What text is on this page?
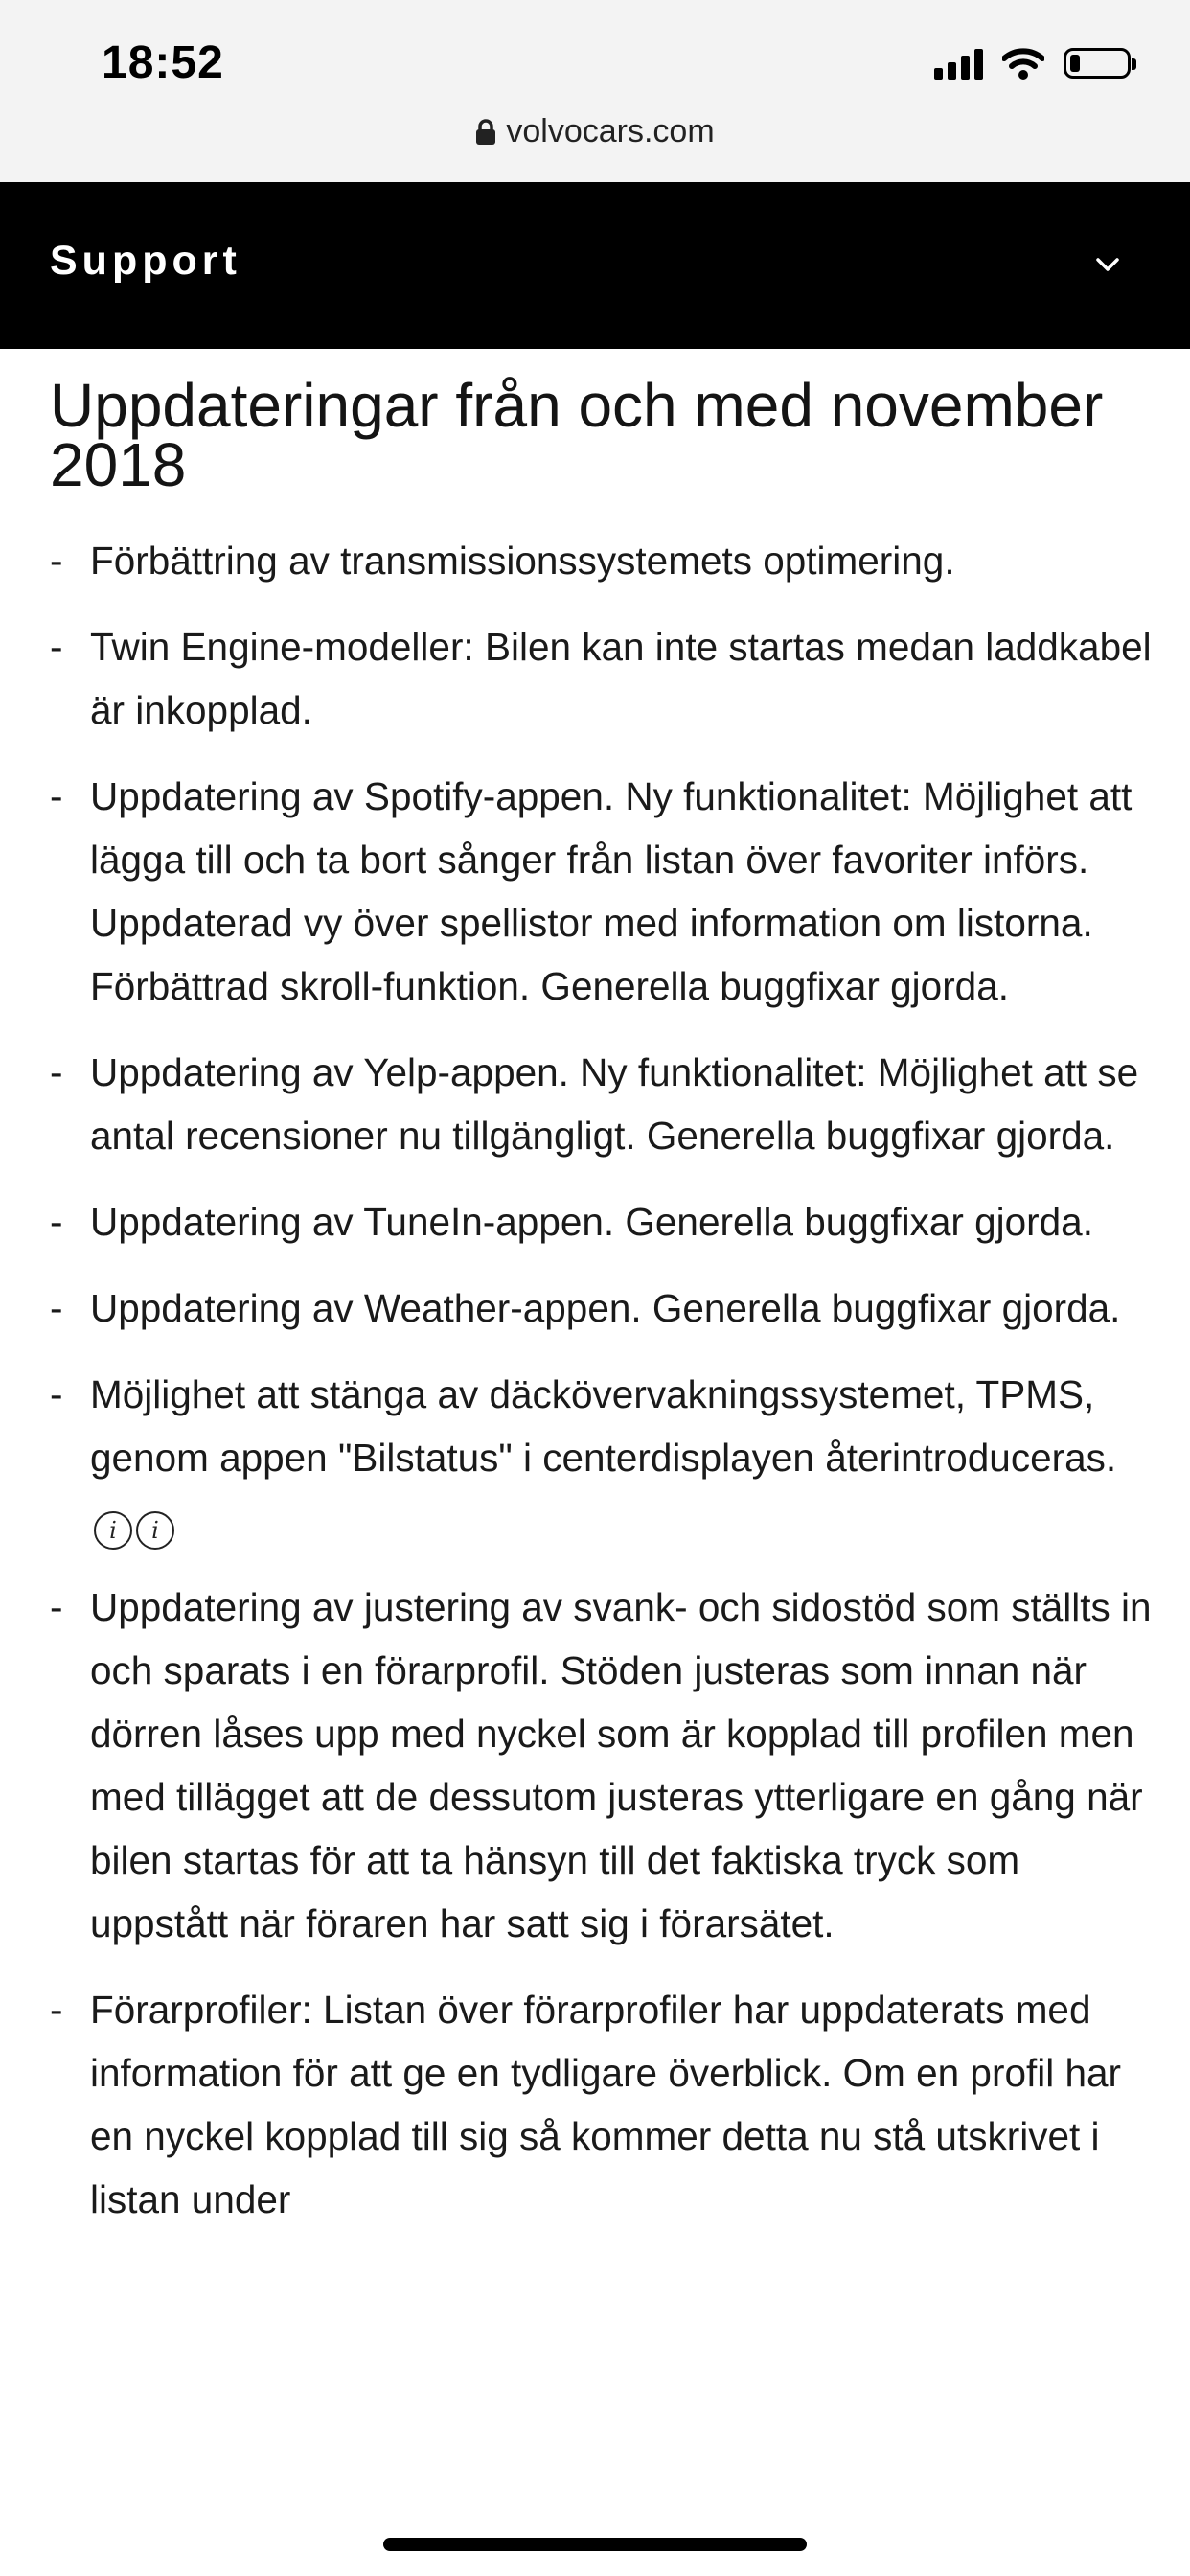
18:52
volvocars.com
Support
Uppdateringar från och med november 2018
- Förbättring av transmissionssystemets optimering.
- Twin Engine-modeller: Bilen kan inte startas medan laddkabel är inkopplad.
- Uppdatering av Spotify-appen. Ny funktionalitet: Möjlighet att lägga till och ta bort sånger från listan över favoriter införs. Uppdaterad vy över spellistor med information om listorna. Förbättrad skroll-funktion. Generella buggfixar gjorda.
- Uppdatering av Yelp-appen. Ny funktionalitet: Möjlighet att se antal recensioner nu tillgängligt. Generella buggfixar gjorda.
- Uppdatering av TuneIn-appen. Generella buggfixar gjorda.
- Uppdatering av Weather-appen. Generella buggfixar gjorda.
- Möjlighet att stänga av däckövervakningssystemet, TPMS, genom appen "Bilstatus" i centerdisplayen återintroduceras. i i
- Uppdatering av justering av svank- och sidostöd som ställts in och sparats i en förarprofil. Stöden justeras som innan när dörren låses upp med nyckel som är kopplad till profilen men med tillägget att de dessutom justeras ytterligare en gång när bilen startas för att ta hänsyn till det faktiska tryck som uppstått när föraren har satt sig i förarsätet.
- Förarprofiler: Listan över förarprofiler har uppdaterats med information för att ge en tydligare överblick. Om en profil har en nyckel kopplad till sig så kommer detta nu stå utskrivet i listan under
